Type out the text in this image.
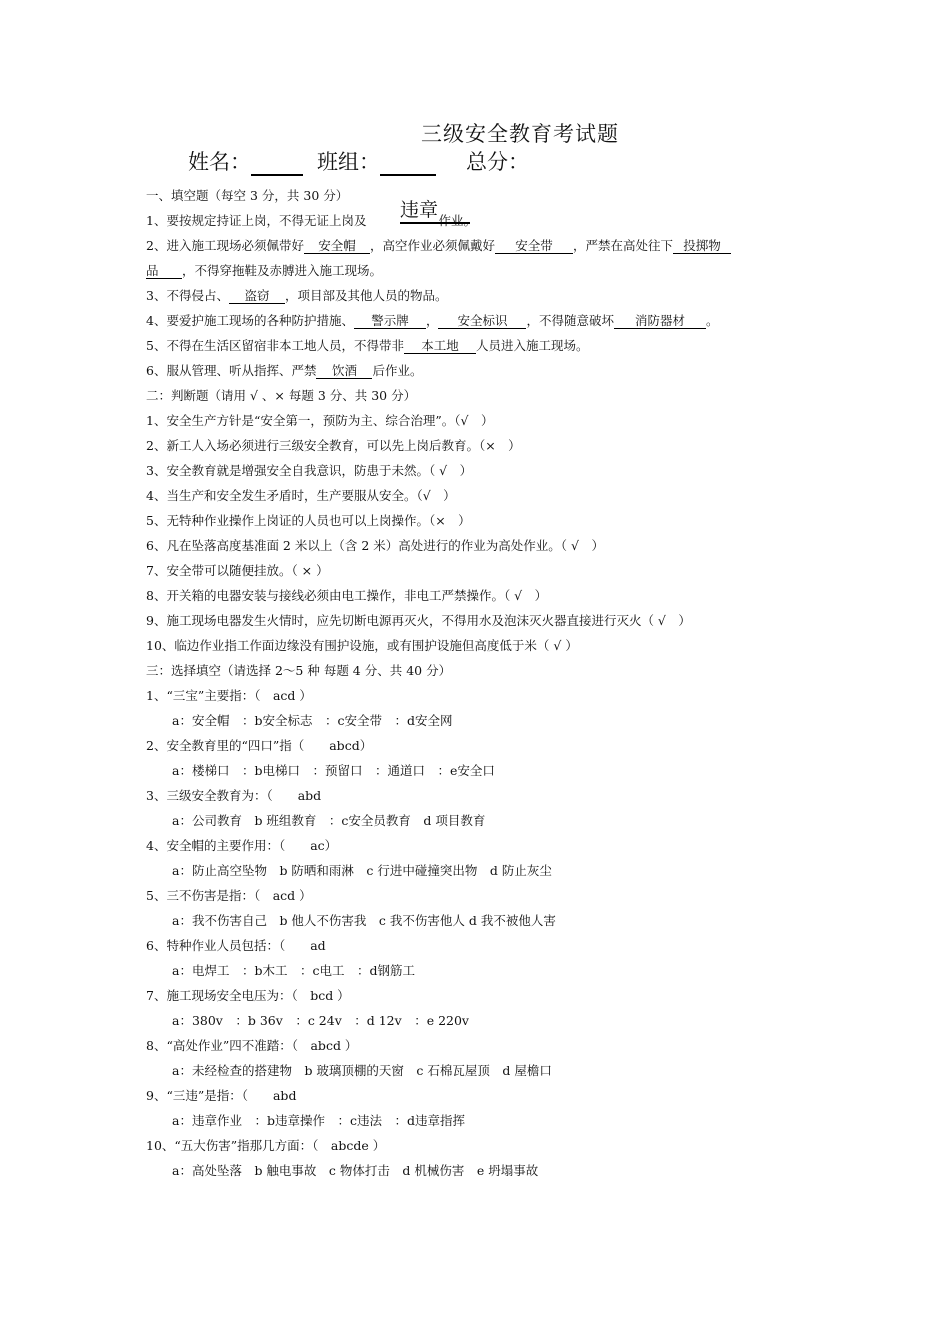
三级安全教育考试题
姓名：	班组：	总分：
一、填空题（每空 3 分，共 30 分）
1、要按规定持证上岗，不得无证上岗及	作业。
违章
2、进入施工现场必须佩带好 安全帽 ，高空作业必须佩戴好 安全带 ，严禁在高处往下 投掷物
品 ，不得穿拖鞋及赤膊进入施工现场。
3、不得侵占、 盗窃 ，项目部及其他人员的物品。
4、要爱护施工现场的各种防护措施、 警示牌 ， 安全标识 ，不得随意破坏 消防器材 。
5、不得在生活区留宿非本工地人员，不得带非 本工地 人员进入施工现场。
6、服从管理、听从指挥、严禁 饮酒 后作业。
二：判断题（请用 √ 、× 每题 3 分、共 30 分）
1、安全生产方针是“安全第一，预防为主、综合治理”。（√　）
2、新工人入场必须进行三级安全教育，可以先上岗后教育。（×　）
3、安全教育就是增强安全自我意识，防患于未然。（ √　）
4、当生产和安全发生矛盾时，生产要服从安全。（√　）
5、无特种作业操作上岗证的人员也可以上岗操作。（×　）
6、凡在坠落高度基准面 2 米以上（含 2 米）高处进行的作业为高处作业。（ √　）
7、安全带可以随便挂放。（ × ）
8、开关箱的电器安装与接线必须由电工操作，非电工严禁操作。（ √　）
9、施工现场电器发生火情时，应先切断电源再灭火，不得用水及泡沫灭火器直接进行灭火（ √　）
10、临边作业指工作面边缘没有围护设施，或有围护设施但高度低于米（ √ ）
三：选择填空（请选择 2～5 种 每题 4 分、共 40 分）
1、“三宝”主要指：（　acd ）
a：安全帽　：b安全标志　：c安全带　：d安全网
2、安全教育里的“四口”指（　　abcd）
a：楼梯口　：b电梯口　：预留口　：通道口　：e安全口
3、三级安全教育为：（　　abd
a：公司教育　b 班组教育　：c安全员教育　d 项目教育
4、安全帽的主要作用：（　　ac）
a：防止高空坠物　b 防晒和雨淋　c 行进中碰撞突出物　d 防止灰尘
5、三不伤害是指：（　acd ）
a：我不伤害自己　b 他人不伤害我　c 我不伤害他人 d 我不被他人害
6、特种作业人员包括：（　　ad
a：电焊工　：b木工　：c电工　：d钢筋工
7、施工现场安全电压为：（　bcd ）
a：380v　：b 36v　：c 24v　：d 12v　：e 220v
8、“高处作业”四不准踏：（　abcd ）
a：未经检查的搭建物　b 玻璃顶棚的天窗　c 石棉瓦屋顶　d 屋檐口
9、“三违”是指：（　　abd
a：违章作业　：b违章操作　：c违法　：d违章指挥
10、“五大伤害”指那几方面：（　abcde ）
a：高处坠落　b 触电事故　c 物体打击　d 机械伤害　e 坍塌事故
